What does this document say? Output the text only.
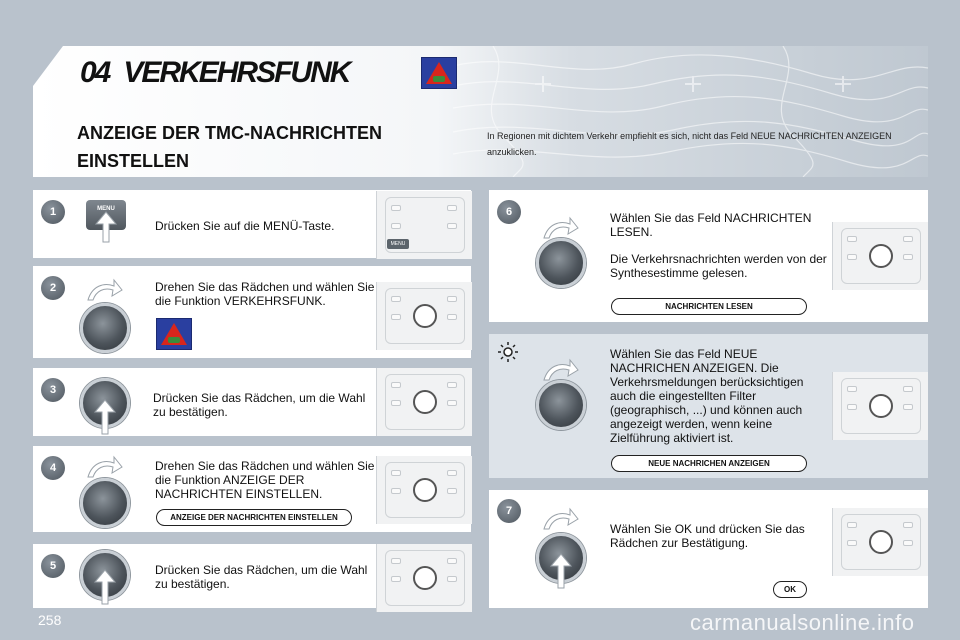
04 VERKEHRSFUNK
ANZEIGE DER TMC-NACHRICHTEN
EINSTELLEN
In Regionen mit dichtem Verkehr empfiehlt es sich, nicht das Feld NEUE NACHRICHTEN ANZEIGEN anzuklicken.
1	MENU
Drücken Sie auf die MENÜ-Taste.
MENU
2	Drehen Sie das Rädchen und wählen Sie die Funktion VERKEHRSFUNK.
3
Drücken Sie das Rädchen, um die Wahl zu bestätigen.
4	Drehen Sie das Rädchen und wählen Sie die Funktion ANZEIGE DER NACHRICHTEN EINSTELLEN.
ANZEIGE DER NACHRICHTEN EINSTELLEN
5	Drücken Sie das Rädchen, um die Wahl zu bestätigen.
6	Wählen Sie das Feld NACHRICHTEN LESEN.
Die Verkehrsnachrichten werden von der Synthesestimme gelesen.
NACHRICHTEN LESEN
Wählen Sie das Feld NEUE NACHRICHEN ANZEIGEN. Die Verkehrsmeldungen berücksichtigen auch die eingestellten Filter (geographisch, ...) und können auch angezeigt werden, wenn keine Zielführung aktiviert ist.
NEUE NACHRICHEN ANZEIGEN
7
Wählen Sie OK und drücken Sie das Rädchen zur Bestätigung.
OK
258	carmanualsonline.info
